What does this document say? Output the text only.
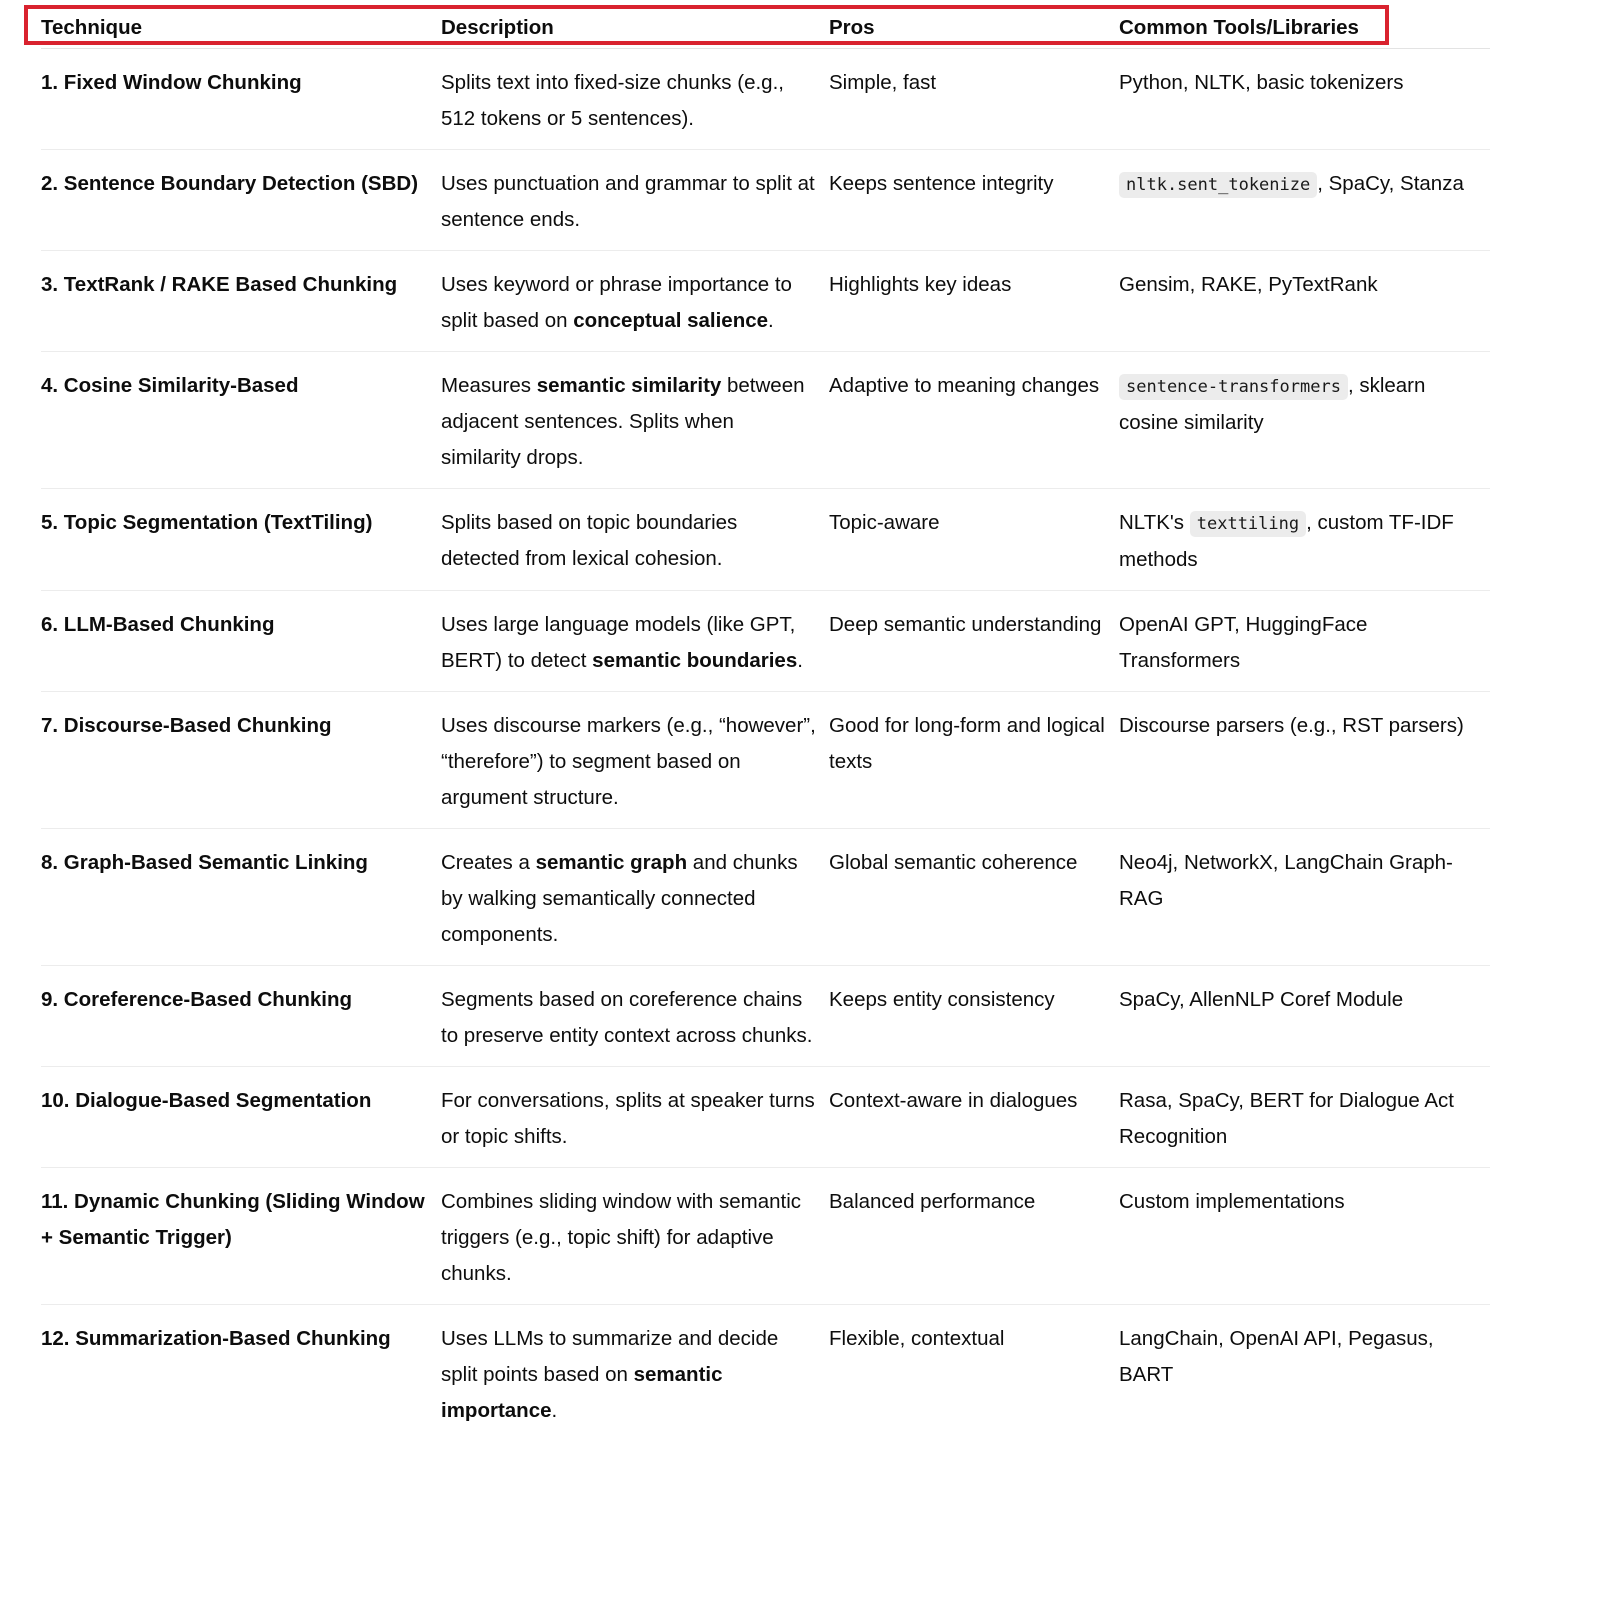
Technique	Description	Pros	Common Tools/Libraries
1. Fixed Window Chunking	Splits text into fixed-size chunks (e.g., 512 tokens or 5 sentences).	Simple, fast	Python, NLTK, basic tokenizers
2. Sentence Boundary Detection (SBD)	Uses punctuation and grammar to split at sentence ends.	Keeps sentence integrity	nltk.sent_tokenize , SpaCy, Stanza
3. TextRank / RAKE Based Chunking	Uses keyword or phrase importance to split based on conceptual salience.	Highlights key ideas	Gensim, RAKE, PyTextRank
4. Cosine Similarity-Based	Measures semantic similarity between adjacent sentences. Splits when similarity drops.	Adaptive to meaning changes	sentence-transformers , sklearn cosine similarity
5. Topic Segmentation (TextTiling)	Splits based on topic boundaries detected from lexical cohesion.	Topic-aware	NLTK's texttiling , custom TF-IDF methods
6. LLM-Based Chunking	Uses large language models (like GPT, BERT) to detect semantic boundaries.	Deep semantic understanding	OpenAI GPT, HuggingFace Transformers
7. Discourse-Based Chunking	Uses discourse markers (e.g., “however”, “therefore”) to segment based on argument structure.	Good for long-form and logical texts	Discourse parsers (e.g., RST parsers)
8. Graph-Based Semantic Linking	Creates a semantic graph and chunks by walking semantically connected components.	Global semantic coherence	Neo4j, NetworkX, LangChain Graph-RAG
9. Coreference-Based Chunking	Segments based on coreference chains to preserve entity context across chunks.	Keeps entity consistency	SpaCy, AllenNLP Coref Module
10. Dialogue-Based Segmentation	For conversations, splits at speaker turns or topic shifts.	Context-aware in dialogues	Rasa, SpaCy, BERT for Dialogue Act Recognition
11. Dynamic Chunking (Sliding Window + Semantic Trigger)	Combines sliding window with semantic triggers (e.g., topic shift) for adaptive chunks.	Balanced performance	Custom implementations
12. Summarization-Based Chunking	Uses LLMs to summarize and decide split points based on semantic importance.	Flexible, contextual	LangChain, OpenAI API, Pegasus, BART
